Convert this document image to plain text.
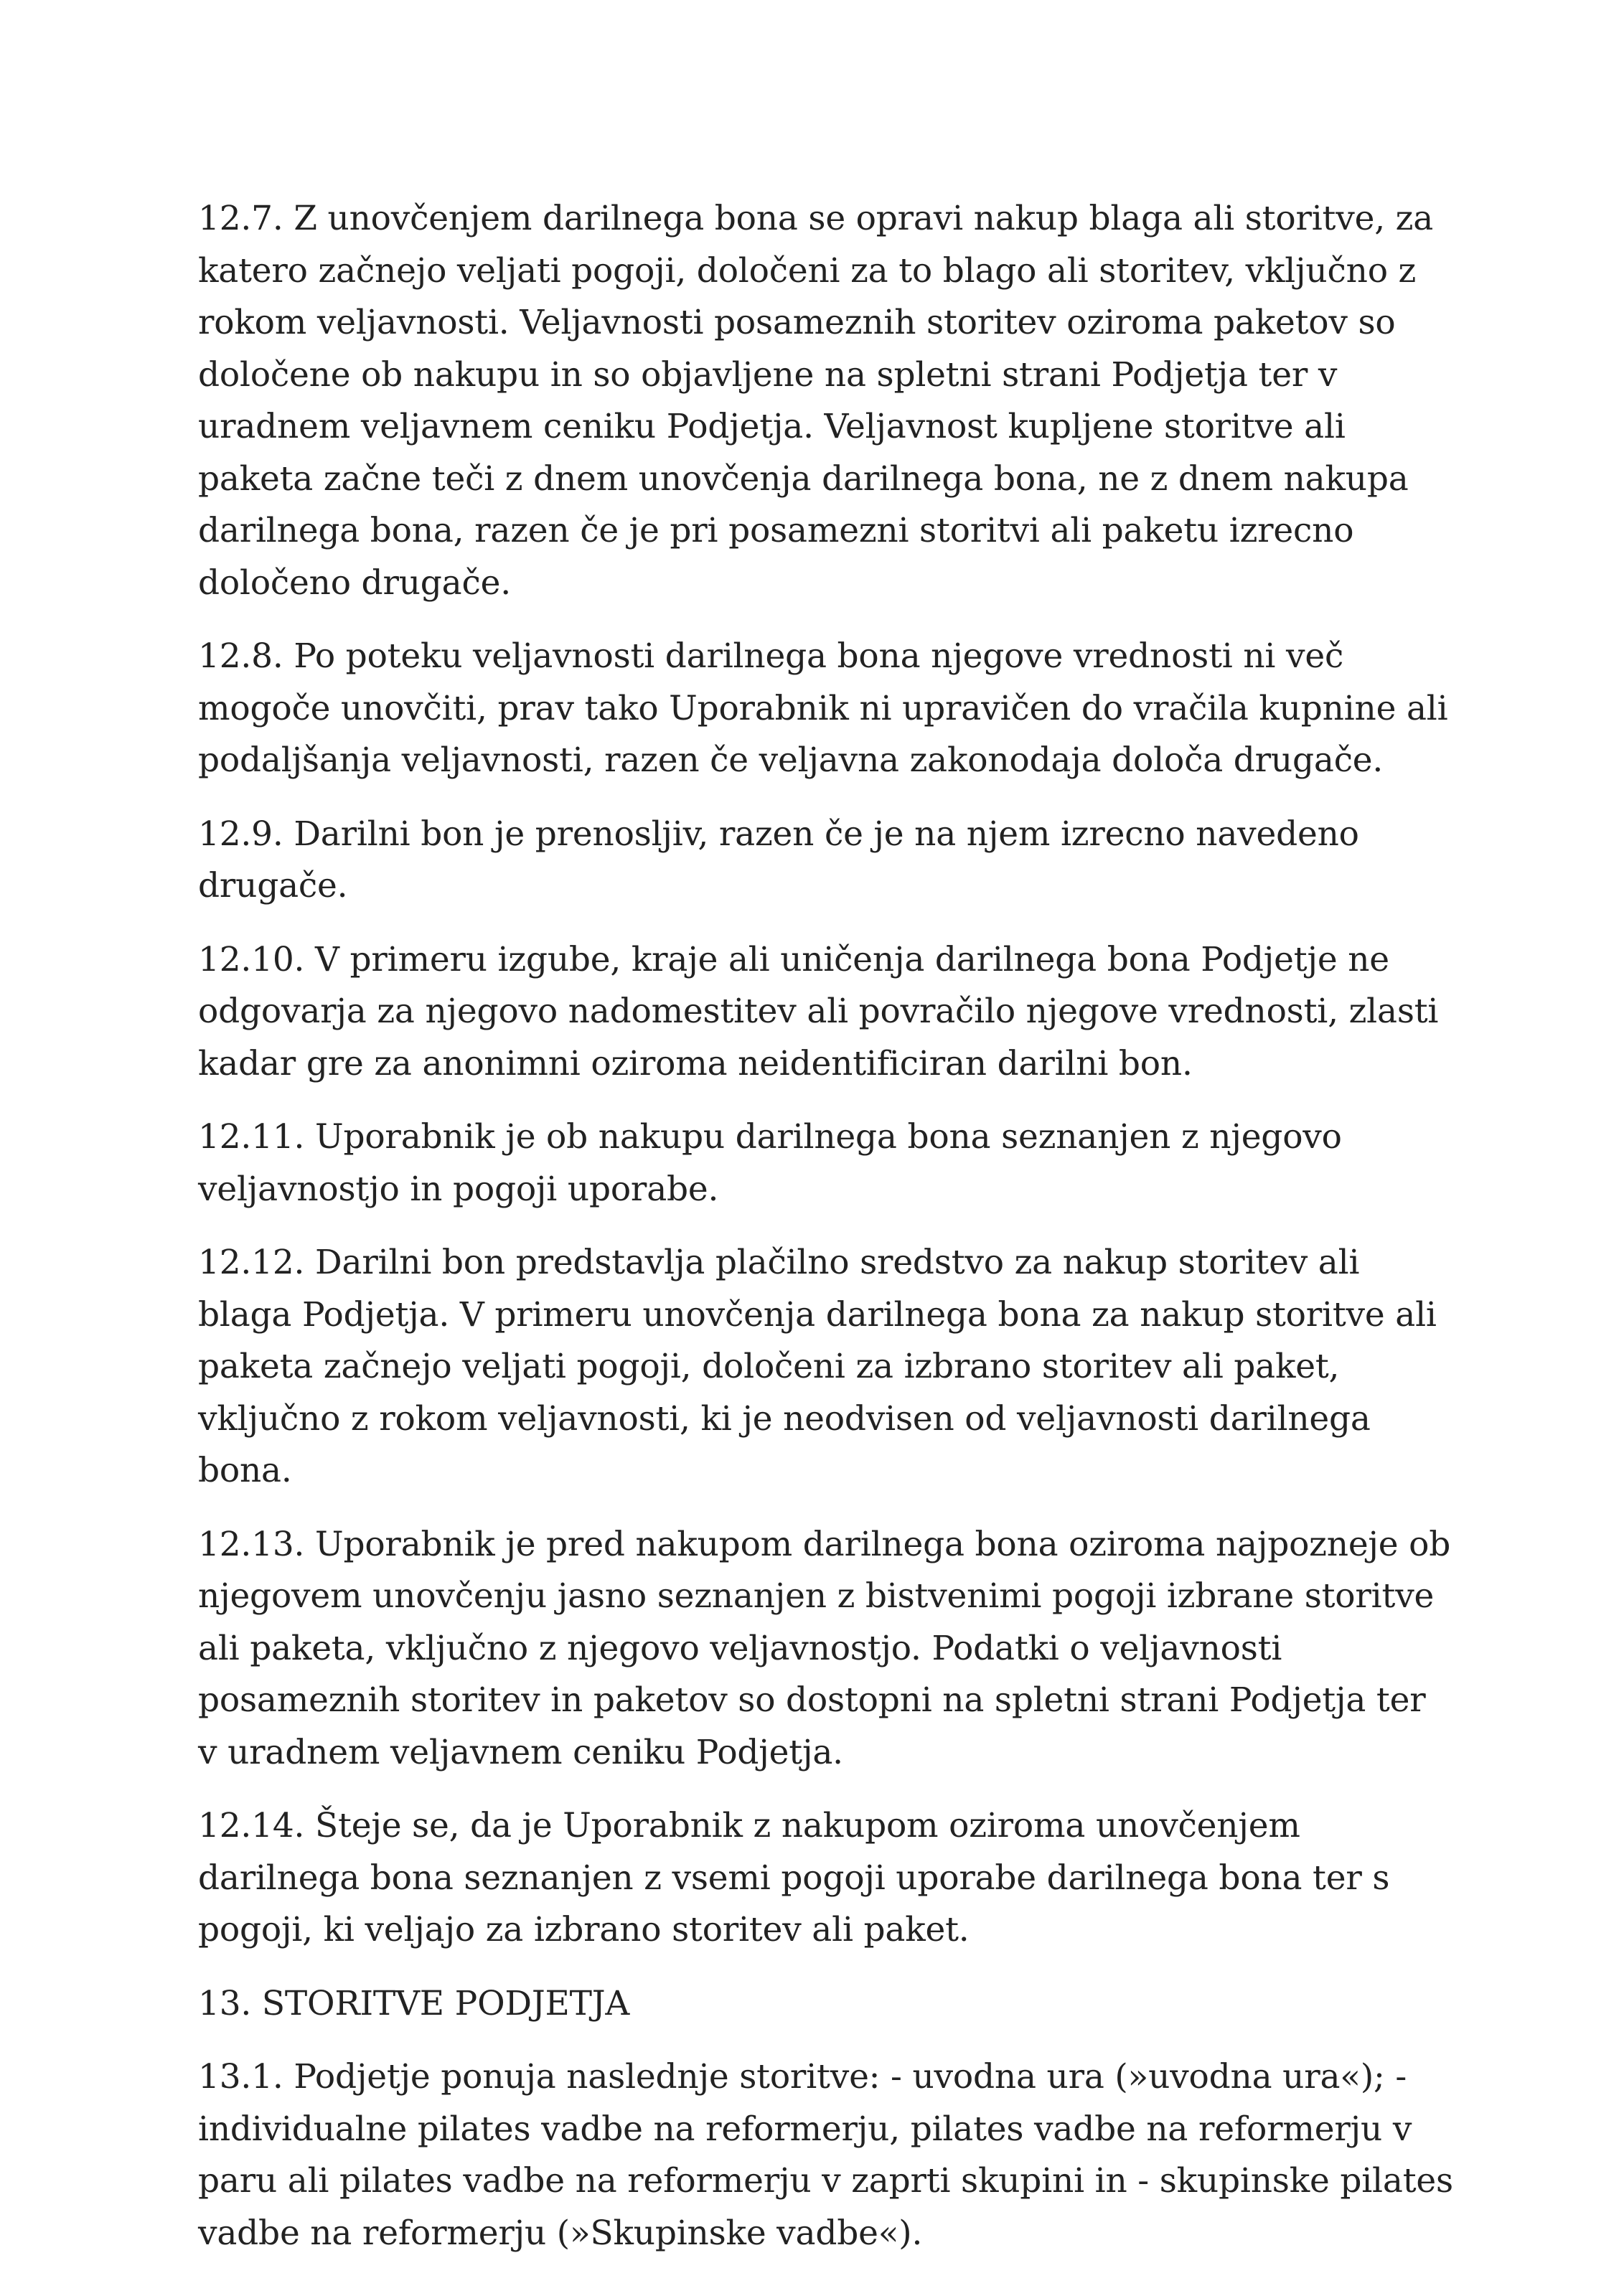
12.7. Z unovčenjem darilnega bona se opravi nakup blaga ali storitve, za katero začnejo veljati pogoji, določeni za to blago ali storitev, vključno z rokom veljavnosti. Veljavnosti posameznih storitev oziroma paketov so določene ob nakupu in so objavljene na spletni strani Podjetja ter v uradnem veljavnem ceniku Podjetja. Veljavnost kupljene storitve ali paketa začne teči z dnem unovčenja darilnega bona, ne z dnem nakupa darilnega bona, razen če je pri posamezni storitvi ali paketu izrecno določeno drugače.

12.8. Po poteku veljavnosti darilnega bona njegove vrednosti ni več mogoče unovčiti, prav tako Uporabnik ni upravičen do vračila kupnine ali podaljšanja veljavnosti, razen če veljavna zakonodaja določa drugače.

12.9. Darilni bon je prenosljiv, razen če je na njem izrecno navedeno drugače.

12.10. V primeru izgube, kraje ali uničenja darilnega bona Podjetje ne odgovarja za njegovo nadomestitev ali povračilo njegove vrednosti, zlasti kadar gre za anonimni oziroma neidentificiran darilni bon.

12.11. Uporabnik je ob nakupu darilnega bona seznanjen z njegovo veljavnostjo in pogoji uporabe.

12.12. Darilni bon predstavlja plačilno sredstvo za nakup storitev ali blaga Podjetja. V primeru unovčenja darilnega bona za nakup storitve ali paketa začnejo veljati pogoji, določeni za izbrano storitev ali paket, vključno z rokom veljavnosti, ki je neodvisen od veljavnosti darilnega bona.

12.13. Uporabnik je pred nakupom darilnega bona oziroma najpozneje ob njegovem unovčenju jasno seznanjen z bistvenimi pogoji izbrane storitve ali paketa, vključno z njegovo veljavnostjo. Podatki o veljavnosti posameznih storitev in paketov so dostopni na spletni strani Podjetja ter v uradnem veljavnem ceniku Podjetja.

12.14. Šteje se, da je Uporabnik z nakupom oziroma unovčenjem darilnega bona seznanjen z vsemi pogoji uporabe darilnega bona ter s pogoji, ki veljajo za izbrano storitev ali paket.

13. STORITVE PODJETJA

13.1. Podjetje ponuja naslednje storitve: - uvodna ura (»uvodna ura«); - individualne pilates vadbe na reformerju, pilates vadbe na reformerju v paru ali pilates vadbe na reformerju v zaprti skupini in - skupinske pilates vadbe na reformerju (»Skupinske vadbe«).
